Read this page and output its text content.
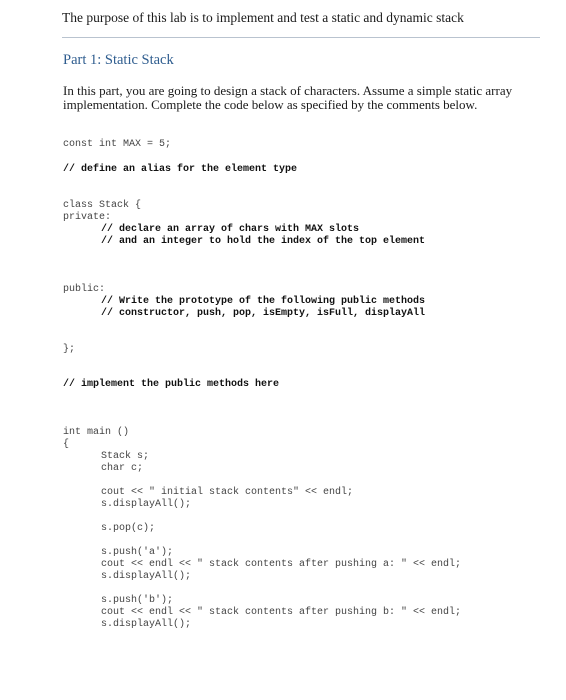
The purpose of this lab is to implement and test a static and dynamic stack
Part 1: Static Stack
In this part, you are going to design a stack of characters. Assume a simple static array implementation. Complete the code below as specified by the comments below.
const int MAX = 5;
// define an alias for the element type
class Stack {
private:
// declare an array of chars with MAX slots
// and an integer to hold the index of the top element
public:
// Write the prototype of the following public methods
// constructor, push, pop, isEmpty, isFull, displayAll
};
// implement the public methods here
int main ()
{
Stack s;
char c;
cout << " initial stack contents" << endl;
s.displayAll();
s.pop(c);
s.push('a');
cout << endl << " stack contents after pushing a: " << endl;
s.displayAll();
s.push('b');
cout << endl << " stack contents after pushing b: " << endl;
s.displayAll();
